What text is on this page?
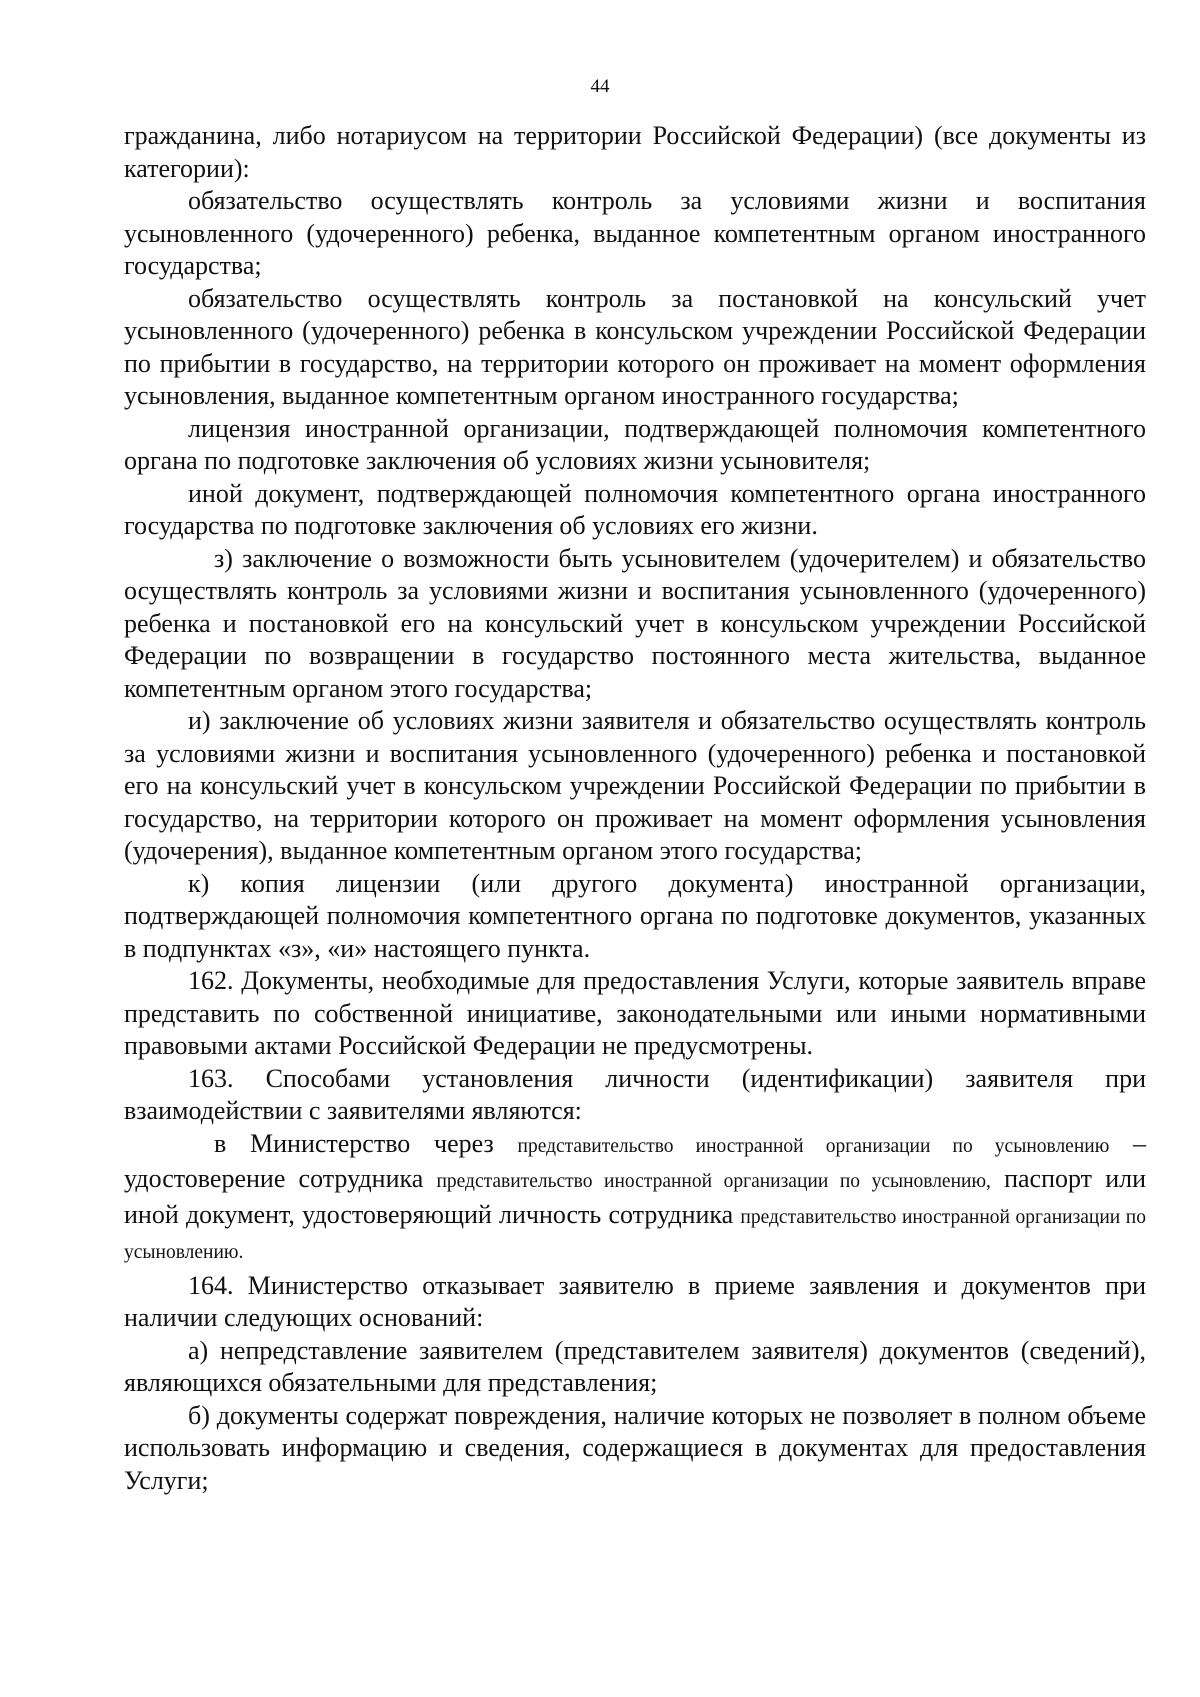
44

гражданина, либо нотариусом на территории Российской Федерации) (все документы из категории):

обязательство осуществлять контроль за условиями жизни и воспитания усыновленного (удочеренного) ребенка, выданное компетентным органом иностранного государства;

обязательство осуществлять контроль за постановкой на консульский учет усыновленного (удочеренного) ребенка в консульском учреждении Российской Федерации по прибытии в государство, на территории которого он проживает на момент оформления усыновления, выданное компетентным органом иностранного государства;

лицензия иностранной организации, подтверждающей полномочия компетентного органа по подготовке заключения об условиях жизни усыновителя;

иной документ, подтверждающей полномочия компетентного органа иностранного государства по подготовке заключения об условиях его жизни.

з) заключение о возможности быть усыновителем (удочерителем) и обязательство осуществлять контроль за условиями жизни и воспитания усыновленного (удочеренного) ребенка и постановкой его на консульский учет в консульском учреждении Российской Федерации по возвращении в государство постоянного места жительства, выданное компетентным органом этого государства;

и) заключение об условиях жизни заявителя и обязательство осуществлять контроль за условиями жизни и воспитания усыновленного (удочеренного) ребенка и постановкой его на консульский учет в консульском учреждении Российской Федерации по прибытии в государство, на территории которого он проживает на момент оформления усыновления (удочерения), выданное компетентным органом этого государства;

к) копия лицензии (или другого документа) иностранной организации, подтверждающей полномочия компетентного органа по подготовке документов, указанных в подпунктах «з», «и» настоящего пункта.

162. Документы, необходимые для предоставления Услуги, которые заявитель вправе представить по собственной инициативе, законодательными или иными нормативными правовыми актами Российской Федерации не предусмотрены.

163. Способами установления личности (идентификации) заявителя при взаимодействии с заявителями являются:

в Министерство через представительство иностранной организации по усыновлению – удостоверение сотрудника представительство иностранной организации по усыновлению, паспорт или иной документ, удостоверяющий личность сотрудника представительство иностранной организации по усыновлению.

164. Министерство отказывает заявителю в приеме заявления и документов при наличии следующих оснований:

а) непредставление заявителем (представителем заявителя) документов (сведений), являющихся обязательными для представления;

б) документы содержат повреждения, наличие которых не позволяет в полном объеме использовать информацию и сведения, содержащиеся в документах для предоставления Услуги;
